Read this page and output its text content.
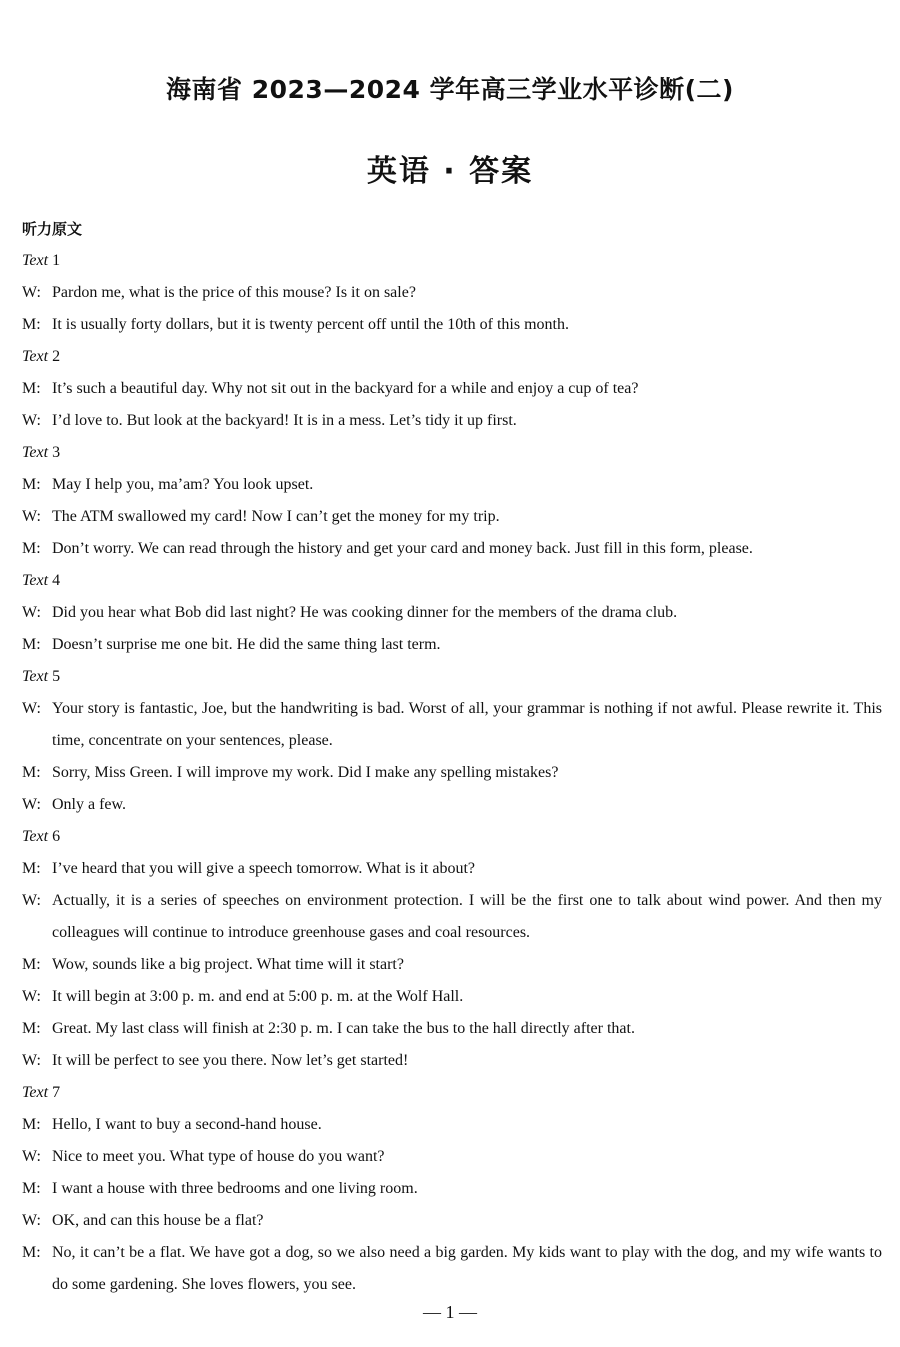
海南省 2023—2024 学年高三学业水平诊断(二)
英语 · 答案
听力原文
Text 1
W: Pardon me, what is the price of this mouse? Is it on sale?
M: It is usually forty dollars, but it is twenty percent off until the 10th of this month.
Text 2
M: It’s such a beautiful day. Why not sit out in the backyard for a while and enjoy a cup of tea?
W: I’d love to. But look at the backyard! It is in a mess. Let’s tidy it up first.
Text 3
M: May I help you, ma’am? You look upset.
W: The ATM swallowed my card! Now I can’t get the money for my trip.
M: Don’t worry. We can read through the history and get your card and money back. Just fill in this form, please.
Text 4
W: Did you hear what Bob did last night? He was cooking dinner for the members of the drama club.
M: Doesn’t surprise me one bit. He did the same thing last term.
Text 5
W: Your story is fantastic, Joe, but the handwriting is bad. Worst of all, your grammar is nothing if not awful. Please rewrite it. This time, concentrate on your sentences, please.
M: Sorry, Miss Green. I will improve my work. Did I make any spelling mistakes?
W: Only a few.
Text 6
M: I’ve heard that you will give a speech tomorrow. What is it about?
W: Actually, it is a series of speeches on environment protection. I will be the first one to talk about wind power. And then my colleagues will continue to introduce greenhouse gases and coal resources.
M: Wow, sounds like a big project. What time will it start?
W: It will begin at 3:00 p. m. and end at 5:00 p. m. at the Wolf Hall.
M: Great. My last class will finish at 2:30 p. m. I can take the bus to the hall directly after that.
W: It will be perfect to see you there. Now let’s get started!
Text 7
M: Hello, I want to buy a second-hand house.
W: Nice to meet you. What type of house do you want?
M: I want a house with three bedrooms and one living room.
W: OK, and can this house be a flat?
M: No, it can’t be a flat. We have got a dog, so we also need a big garden. My kids want to play with the dog, and my wife wants to do some gardening. She loves flowers, you see.
— 1 —
